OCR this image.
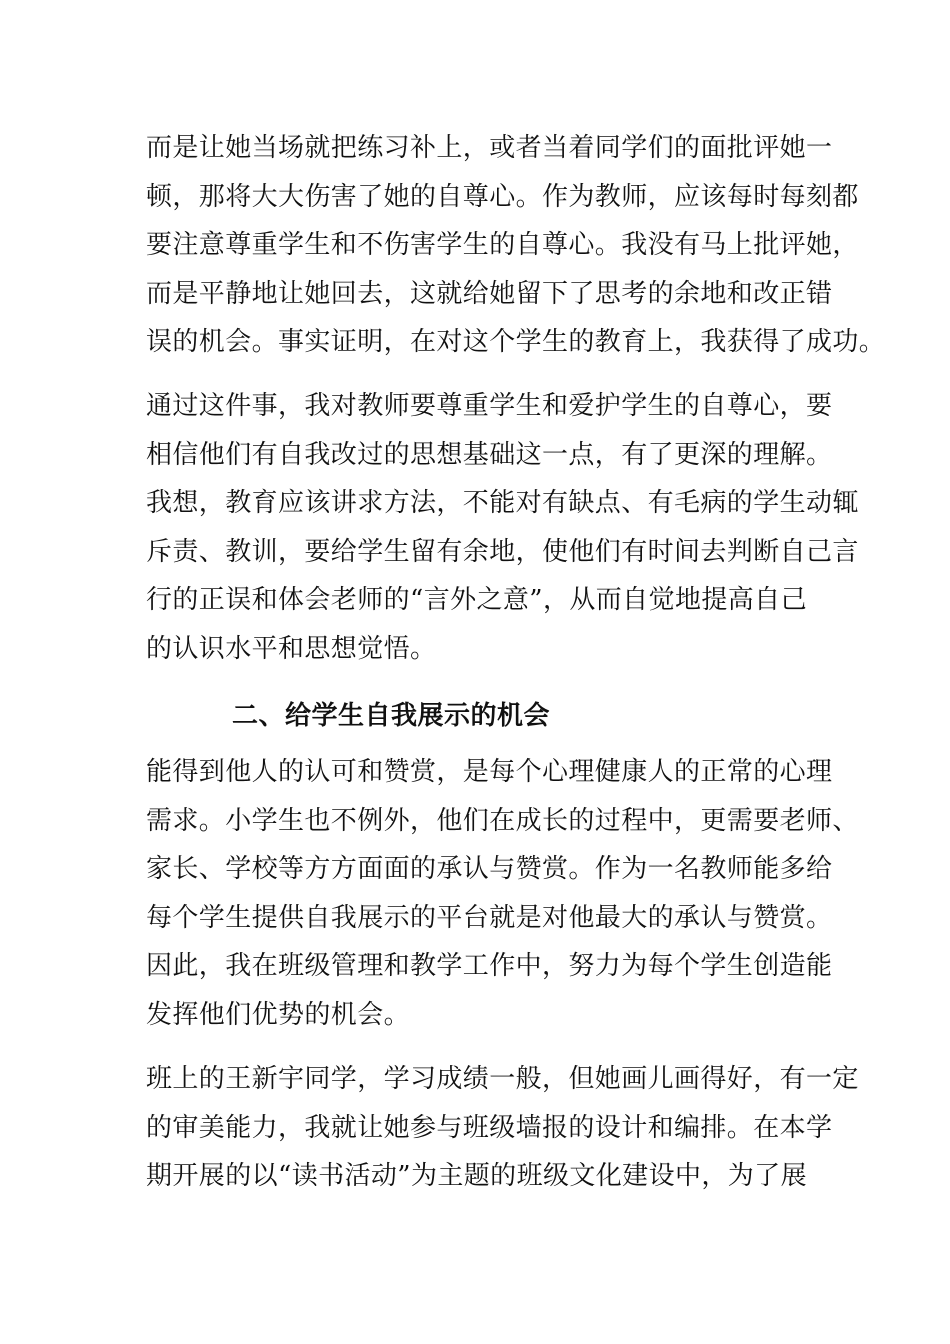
而是让她当场就把练习补上，或者当着同学们的面批评她一
顿，那将大大伤害了她的自尊心。作为教师，应该每时每刻都
要注意尊重学生和不伤害学生的自尊心。我没有马上批评她，
而是平静地让她回去，这就给她留下了思考的余地和改正错
误的机会。事实证明，在对这个学生的教育上，我获得了成功。
通过这件事，我对教师要尊重学生和爱护学生的自尊心，要
相信他们有自我改过的思想基础这一点，有了更深的理解。
我想，教育应该讲求方法，不能对有缺点、有毛病的学生动辄
斥责、教训，要给学生留有余地，使他们有时间去判断自己言
行的正误和体会老师的“言外之意”，从而自觉地提高自己
的认识水平和思想觉悟。
二、给学生自我展示的机会
能得到他人的认可和赞赏，是每个心理健康人的正常的心理
需求。小学生也不例外，他们在成长的过程中，更需要老师、
家长、学校等方方面面的承认与赞赏。作为一名教师能多给
每个学生提供自我展示的平台就是对他最大的承认与赞赏。
因此，我在班级管理和教学工作中，努力为每个学生创造能
发挥他们优势的机会。
班上的王新宇同学，学习成绩一般，但她画儿画得好，有一定
的审美能力，我就让她参与班级墙报的设计和编排。在本学
期开展的以“读书活动”为主题的班级文化建设中，为了展
